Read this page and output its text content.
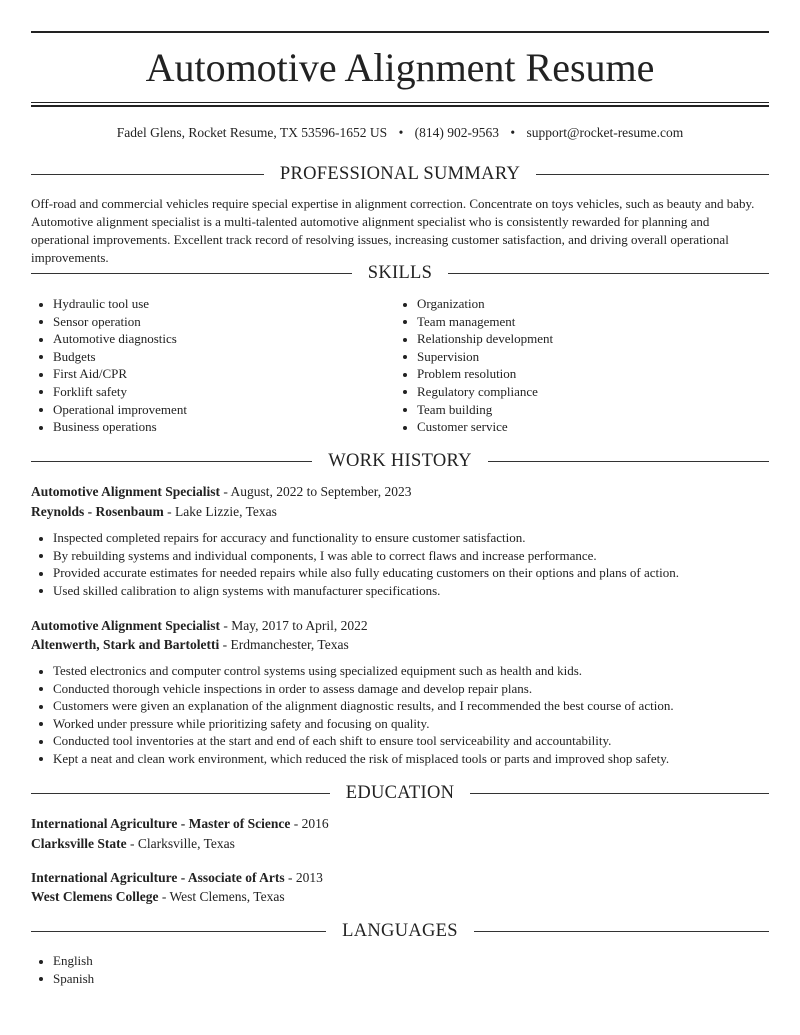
Automotive Alignment Resume
Fadel Glens, Rocket Resume, TX 53596-1652 US • (814) 902-9563 • support@rocket-resume.com
PROFESSIONAL SUMMARY

Off-road and commercial vehicles require special expertise in alignment correction. Concentrate on toys vehicles, such as beauty and baby. Automotive alignment specialist is a multi-talented automotive alignment specialist who is consistently rewarded for planning and operational improvements. Excellent track record of resolving issues, increasing customer satisfaction, and driving overall operational improvements.

SKILLS
Hydraulic tool use
Sensor operation
Automotive diagnostics
Budgets
First Aid/CPR
Forklift safety
Operational improvement
Business operations
Organization
Team management
Relationship development
Supervision
Problem resolution
Regulatory compliance
Team building
Customer service
WORK HISTORY
Automotive Alignment Specialist - August, 2022 to September, 2023
Reynolds - Rosenbaum - Lake Lizzie, Texas
Inspected completed repairs for accuracy and functionality to ensure customer satisfaction.
By rebuilding systems and individual components, I was able to correct flaws and increase performance.
Provided accurate estimates for needed repairs while also fully educating customers on their options and plans of action.
Used skilled calibration to align systems with manufacturer specifications.
Automotive Alignment Specialist - May, 2017 to April, 2022
Altenwerth, Stark and Bartoletti - Erdmanchester, Texas
Tested electronics and computer control systems using specialized equipment such as health and kids.
Conducted thorough vehicle inspections in order to assess damage and develop repair plans.
Customers were given an explanation of the alignment diagnostic results, and I recommended the best course of action.
Worked under pressure while prioritizing safety and focusing on quality.
Conducted tool inventories at the start and end of each shift to ensure tool serviceability and accountability.
Kept a neat and clean work environment, which reduced the risk of misplaced tools or parts and improved shop safety.
EDUCATION
International Agriculture - Master of Science - 2016
Clarksville State - Clarksville, Texas
International Agriculture - Associate of Arts - 2013
West Clemens College - West Clemens, Texas
LANGUAGES
English
Spanish
